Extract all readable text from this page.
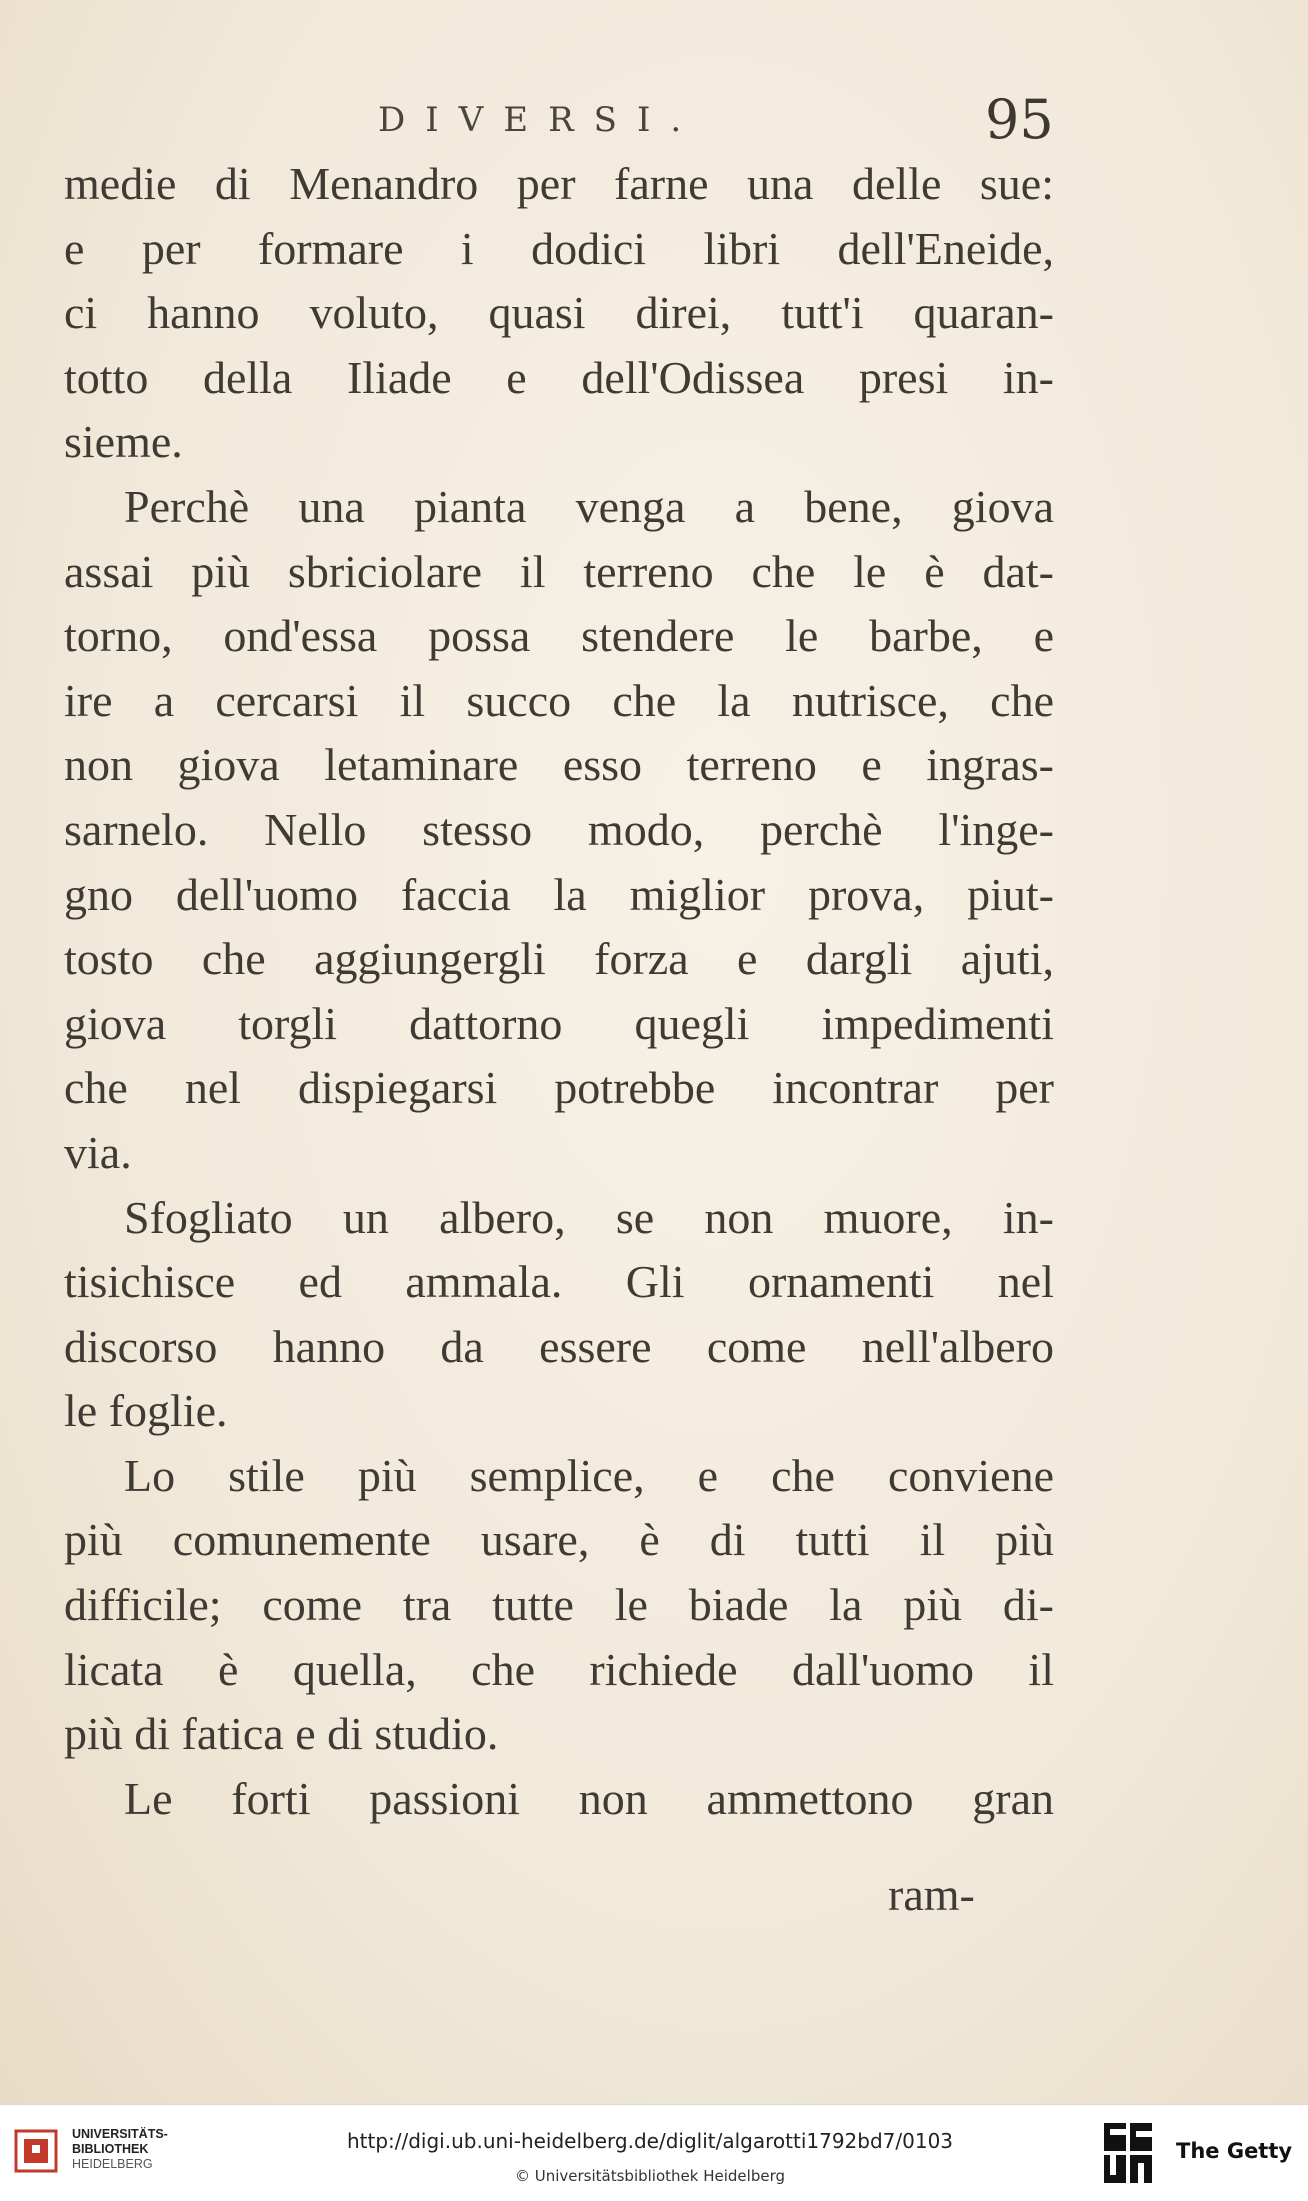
DIVERSI.	95
medie di Menandro per farne una delle sue:
e per formare i dodici libri dell'Eneide,
ci hanno voluto, quasi direi, tutt'i quaran-
totto della Iliade e dell'Odissea presi in-
sieme.
Perchè una pianta venga a bene, giova
assai più sbriciolare il terreno che le è dat-
torno, ond'essa possa stendere le barbe, e
ire a cercarsi il succo che la nutrisce, che
non giova letaminare esso terreno e ingras-
sarnelo. Nello stesso modo, perchè l'inge-
gno dell'uomo faccia la miglior prova, piut-
tosto che aggiungergli forza e dargli ajuti,
giova torgli dattorno quegli impedimenti
che nel dispiegarsi potrebbe incontrar per
via.
Sfogliato un albero, se non muore, in-
tisichisce ed ammala. Gli ornamenti nel
discorso hanno da essere come nell'albero
le foglie.
Lo stile più semplice, e che conviene
più comunemente usare, è di tutti il più
difficile; come tra tutte le biade la più di-
licata è quella, che richiede dall'uomo il
più di fatica e di studio.
Le forti passioni non ammettono gran
ram-
UNIVERSITÄTS-
BIBLIOTHEK
HEIDELBERG
http://digi.ub.uni-heidelberg.de/diglit/algarotti1792bd7/0103
© Universitätsbibliothek Heidelberg
The Getty
